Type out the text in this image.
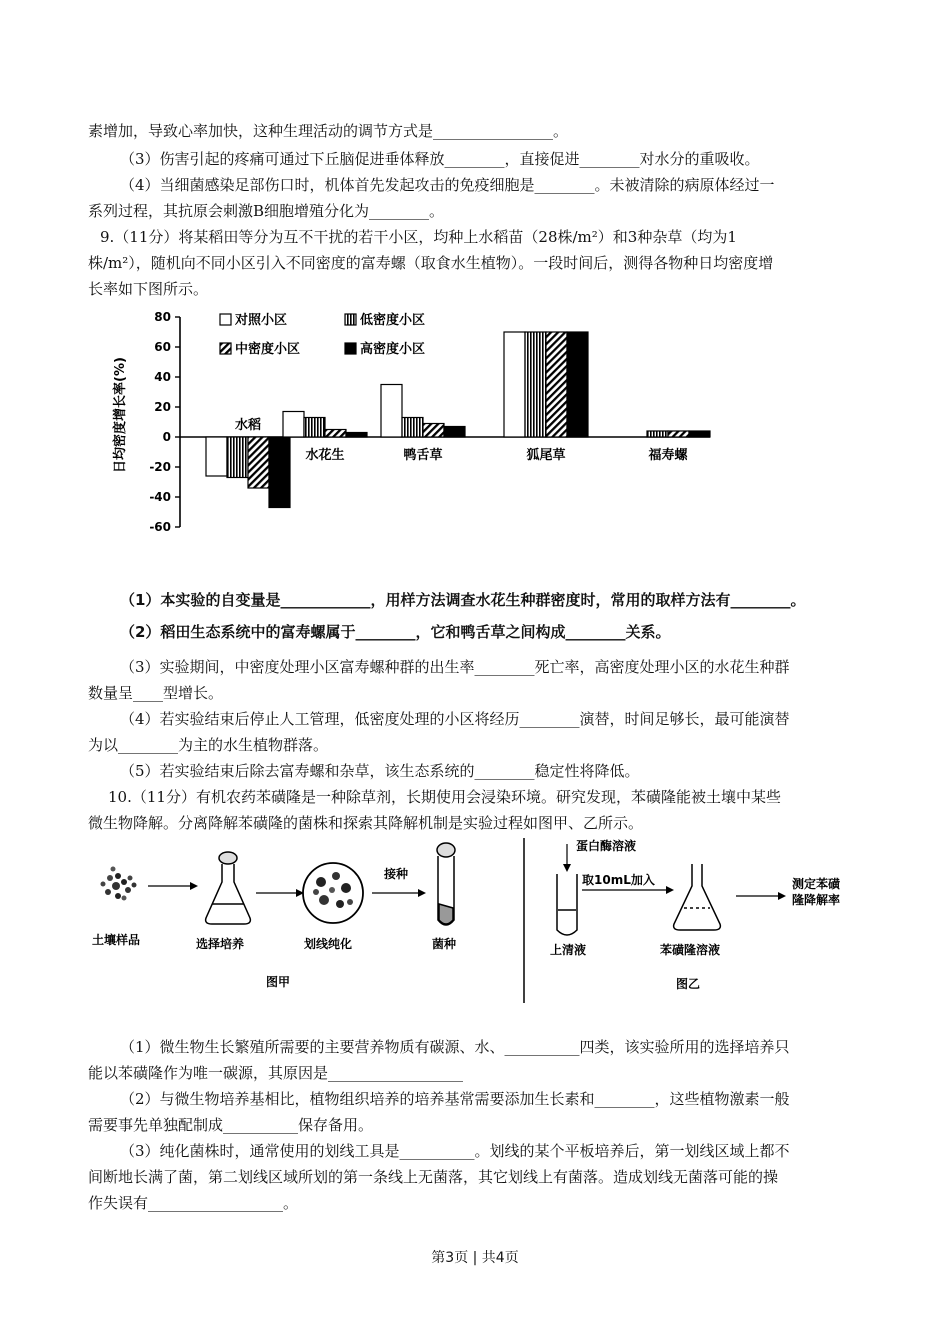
素增加，导致心率加快，这种生理活动的调节方式是________________。
（3）伤害引起的疼痛可通过下丘脑促进垂体释放________，直接促进________对水分的重吸收。
（4）当细菌感染足部伤口时，机体首先发起攻击的免疫细胞是________。未被清除的病原体经过一
系列过程，其抗原会刺激B细胞增殖分化为________。
9.（11分）将某稻田等分为互不干扰的若干小区，均种上水稻苗（28株/m²）和3种杂草（均为1
株/m²），随机向不同小区引入不同密度的富寿螺（取食水生植物）。一段时间后，测得各物种日均密度增
长率如下图所示。
80
60
40
20
0
-20
-40
-60
日均密度增长率(%)	水稻
水花生	鸭舌草	狐尾草	福寿螺
对照小区	低密度小区
中密度小区	高密度小区
（1）本实验的自变量是____________，用样方法调查水花生种群密度时，常用的取样方法有________。
（2）稻田生态系统中的富寿螺属于________，它和鸭舌草之间构成________关系。
（3）实验期间，中密度处理小区富寿螺种群的出生率________死亡率，高密度处理小区的水花生种群
数量呈____型增长。
（4）若实验结束后停止人工管理，低密度处理的小区将经历________演替，时间足够长，最可能演替
为以________为主的水生植物群落。
（5）若实验结束后除去富寿螺和杂草，该生态系统的________稳定性将降低。
10.（11分）有机农药苯磺隆是一种除草剂，长期使用会浸染环境。研究发现，苯磺隆能被土壤中某些
微生物降解。分离降解苯磺隆的菌株和探索其降解机制是实验过程如图甲、乙所示。
土壤样品	选择培养	划线纯化
接种
菌种
图甲
蛋白酶溶液
上清液
取10mL加入
苯磺隆溶液
测定苯磺
隆降解率
图乙
（1）微生物生长繁殖所需要的主要营养物质有碳源、水、__________四类，该实验所用的选择培养只
能以苯磺隆作为唯一碳源，其原因是__________________
（2）与微生物培养基相比，植物组织培养的培养基常需要添加生长素和________，这些植物激素一般
需要事先单独配制成__________保存备用。
（3）纯化菌株时，通常使用的划线工具是__________。划线的某个平板培养后，第一划线区域上都不
间断地长满了菌，第二划线区域所划的第一条线上无菌落，其它划线上有菌落。造成划线无菌落可能的操
作失误有__________________。
第3页 | 共4页
